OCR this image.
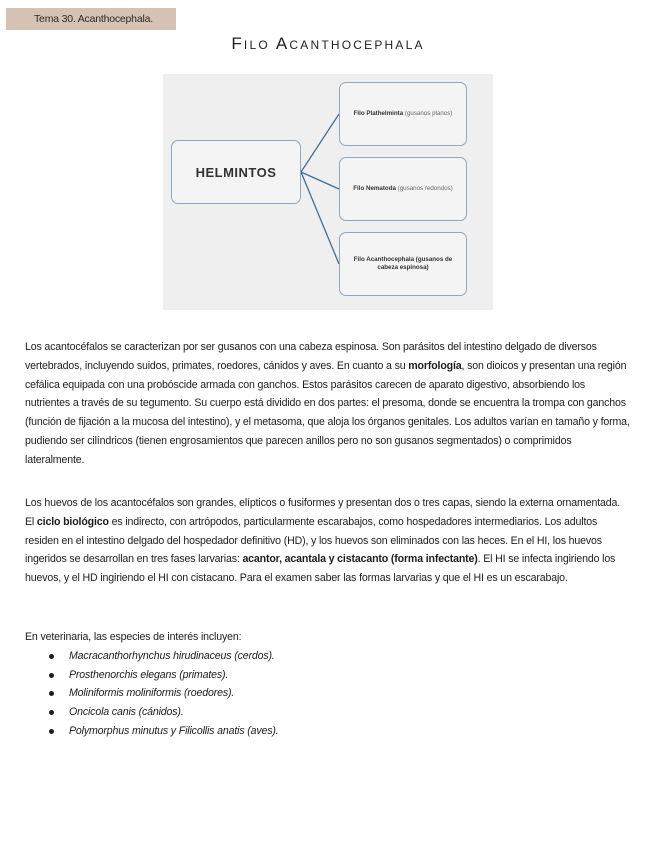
Tema 30. Acanthocephala.
Filo Acanthocephala
HELMINTOS
Filo Plathelminta (gusanos planos)
Filo Nematoda (gusanos redondos)
Filo Acanthocephala (gusanos de cabeza espinosa)
Los acantocéfalos se caracterizan por ser gusanos con una cabeza espinosa. Son parásitos del intestino delgado de diversos vertebrados, incluyendo suidos, primates, roedores, cánidos y aves. En cuanto a su morfología, son dioicos y presentan una región cefálica equipada con una probóscide armada con ganchos. Estos parásitos carecen de aparato digestivo, absorbiendo los nutrientes a través de su tegumento. Su cuerpo está dividido en dos partes: el presoma, donde se encuentra la trompa con ganchos (función de fijación a la mucosa del intestino), y el metasoma, que aloja los órganos genitales. Los adultos varían en tamaño y forma, pudiendo ser cilíndricos (tienen engrosamientos que parecen anillos pero no son gusanos segmentados) o comprimidos lateralmente.
Los huevos de los acantocéfalos son grandes, elípticos o fusiformes y presentan dos o tres capas, siendo la externa ornamentada. El ciclo biológico es indirecto, con artrópodos, particularmente escarabajos, como hospedadores intermediarios. Los adultos residen en el intestino delgado del hospedador definitivo (HD), y los huevos son eliminados con las heces. En el HI, los huevos ingeridos se desarrollan en tres fases larvarias: acantor, acantala y cistacanto (forma infectante). El HI se infecta ingiriendo los huevos, y el HD ingiriendo el HI con cistacano. Para el examen saber las formas larvarias y que el HI es un escarabajo.
En veterinaria, las especies de interés incluyen:
Macracanthorhynchus hirudinaceus (cerdos).
Prosthenorchis elegans (primates).
Moliniformis moliniformis (roedores).
Oncicola canis (cánidos).
Polymorphus minutus y Filicollis anatis (aves).
